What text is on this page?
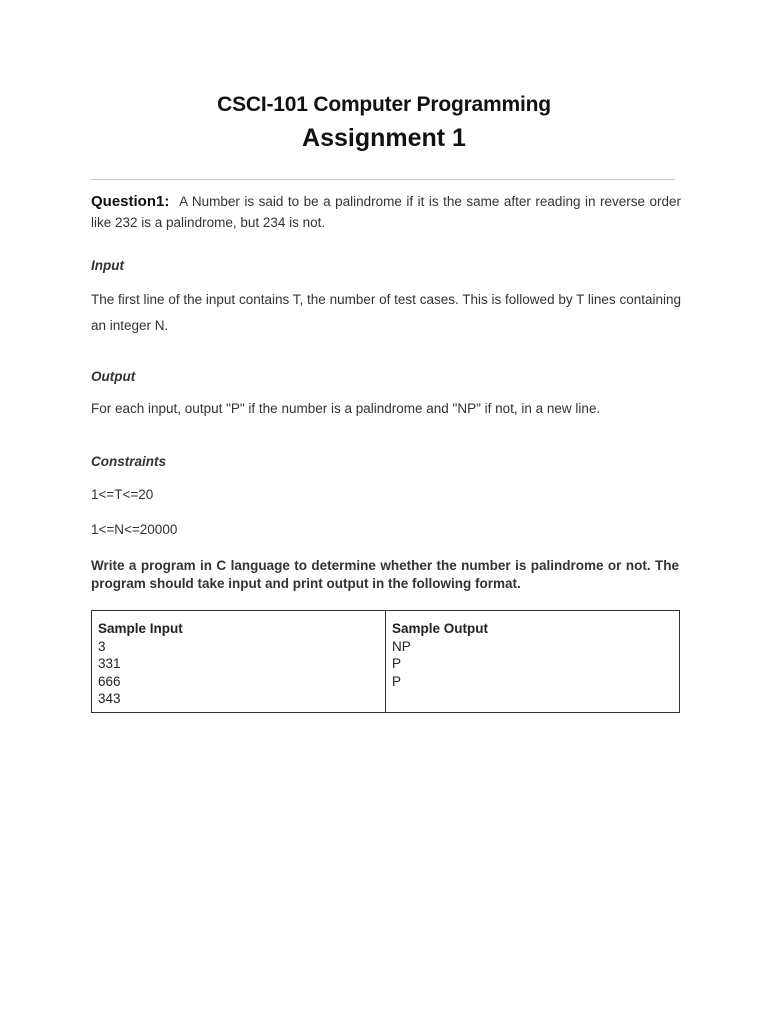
CSCI-101 Computer Programming
Assignment 1
Question1: A Number is said to be a palindrome if it is the same after reading in reverse order like 232 is a palindrome, but 234 is not.
Input
The first line of the input contains T, the number of test cases. This is followed by T lines containing an integer N.
Output
For each input, output "P" if the number is a palindrome and "NP" if not, in a new line.
Constraints
1<=T<=20
1<=N<=20000
Write a program in C language to determine whether the number is palindrome or not. The program should take input and print output in the following format.
Sample Input
3
331
666
343

Sample Output
NP
P
P
